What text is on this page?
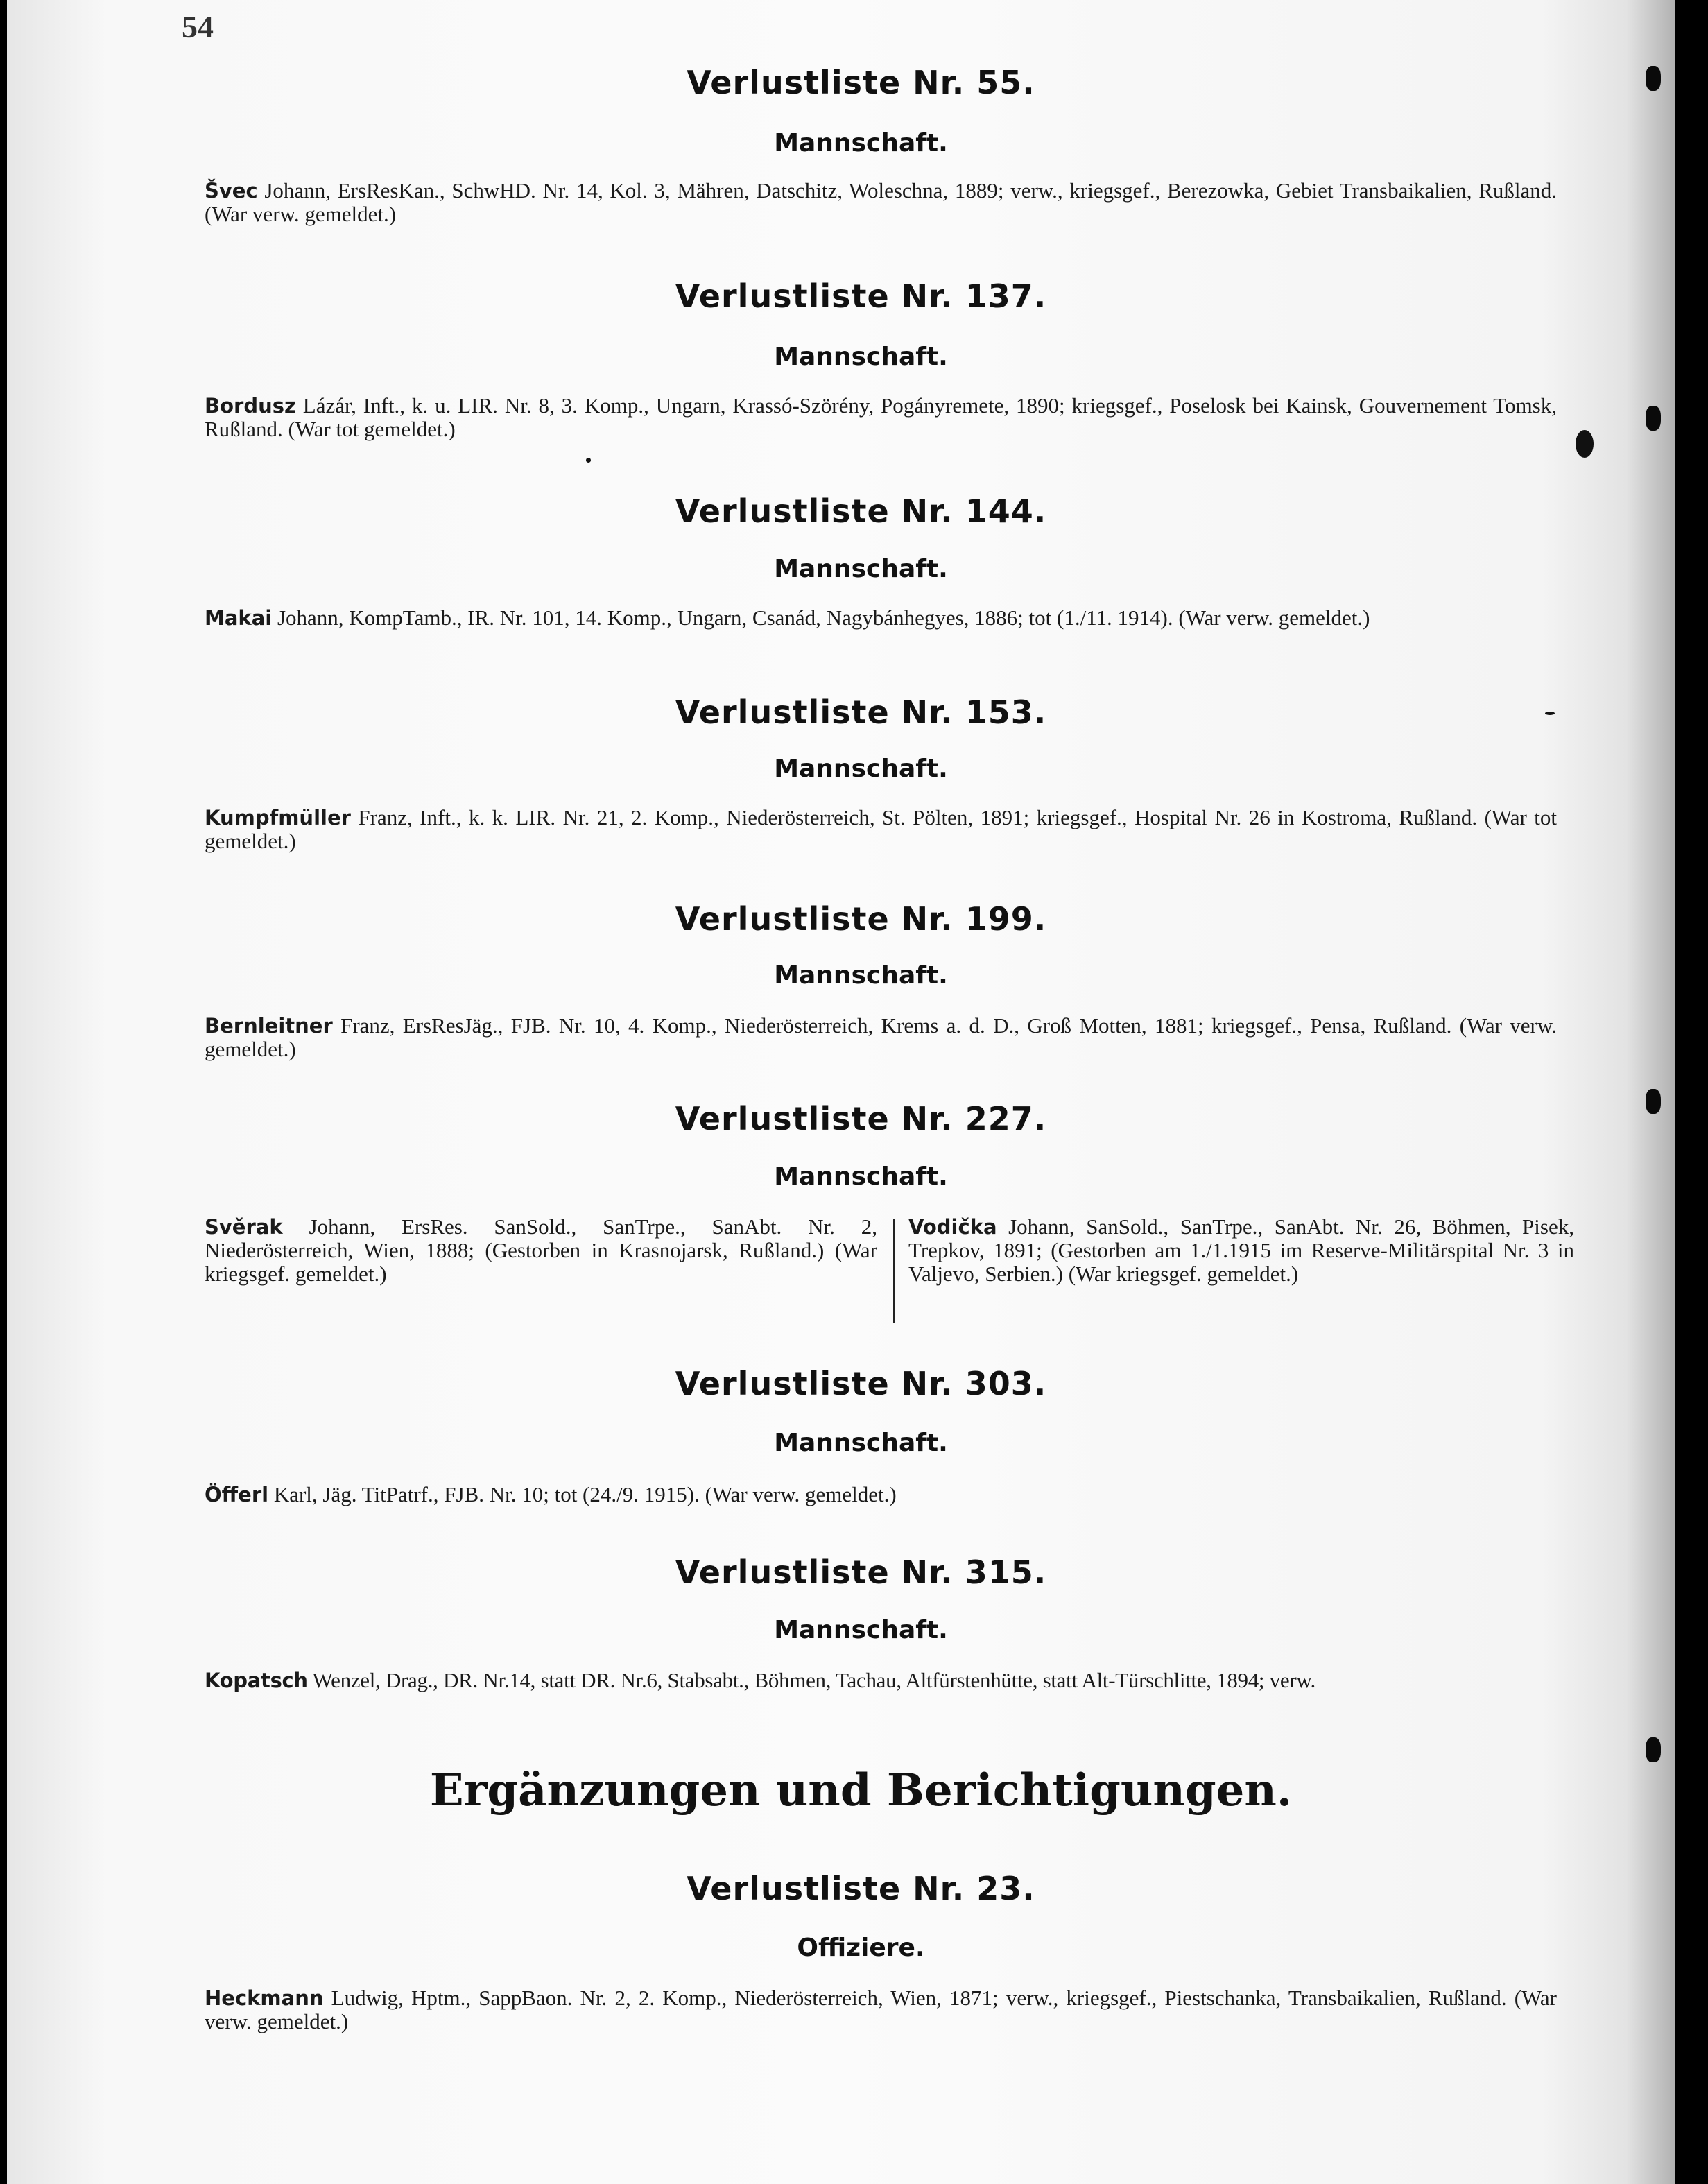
54
Verlustliste Nr. 55.
Mannschaft.
Švec Johann, ErsResKan., SchwHD. Nr. 14, Kol. 3, Mähren, Datschitz, Woleschna, 1889; verw., kriegsgef., Berezowka, Gebiet Transbaikalien, Rußland. (War verw. gemeldet.)
Verlustliste Nr. 137.
Mannschaft.
Bordusz Lázár, Inft., k. u. LIR. Nr. 8, 3. Komp., Ungarn, Krassó-Szörény, Pogányremete, 1890; kriegsgef., Poselosk bei Kainsk, Gouvernement Tomsk, Rußland. (War tot gemeldet.)
Verlustliste Nr. 144.
Mannschaft.
Makai Johann, KompTamb., IR. Nr. 101, 14. Komp., Ungarn, Csanád, Nagybánhegyes, 1886; tot (1./11. 1914). (War verw. gemeldet.)
Verlustliste Nr. 153.
Mannschaft.
Kumpfmüller Franz, Inft., k. k. LIR. Nr. 21, 2. Komp., Niederösterreich, St. Pölten, 1891; kriegsgef., Hospital Nr. 26 in Kostroma, Rußland. (War tot gemeldet.)
Verlustliste Nr. 199.
Mannschaft.
Bernleitner Franz, ErsResJäg., FJB. Nr. 10, 4. Komp., Niederösterreich, Krems a. d. D., Groß Motten, 1881; kriegsgef., Pensa, Rußland. (War verw. gemeldet.)
Verlustliste Nr. 227.
Mannschaft.
Svěrak Johann, ErsRes. SanSold., SanTrpe., SanAbt. Nr. 2, Niederösterreich, Wien, 1888; (Gestorben in Krasnojarsk, Rußland.) (War kriegsgef. gemeldet.)
Vodička Johann, SanSold., SanTrpe., SanAbt. Nr. 26, Böhmen, Pisek, Trepkov, 1891; (Gestorben am 1./1.1915 im Reserve-Militärspital Nr. 3 in Valjevo, Serbien.) (War kriegsgef. gemeldet.)
Verlustliste Nr. 303.
Mannschaft.
Öfferl Karl, Jäg. TitPatrf., FJB. Nr. 10; tot (24./9. 1915). (War verw. gemeldet.)
Verlustliste Nr. 315.
Mannschaft.
Kopatsch Wenzel, Drag., DR. Nr.14, statt DR. Nr.6, Stabsabt., Böhmen, Tachau, Altfürstenhütte, statt Alt-Türschlitte, 1894; verw.
Ergänzungen und Berichtigungen.
Verlustliste Nr. 23.
Offiziere.
Heckmann Ludwig, Hptm., SappBaon. Nr. 2, 2. Komp., Niederösterreich, Wien, 1871; verw., kriegsgef., Piestschanka, Transbaikalien, Rußland. (War verw. gemeldet.)
